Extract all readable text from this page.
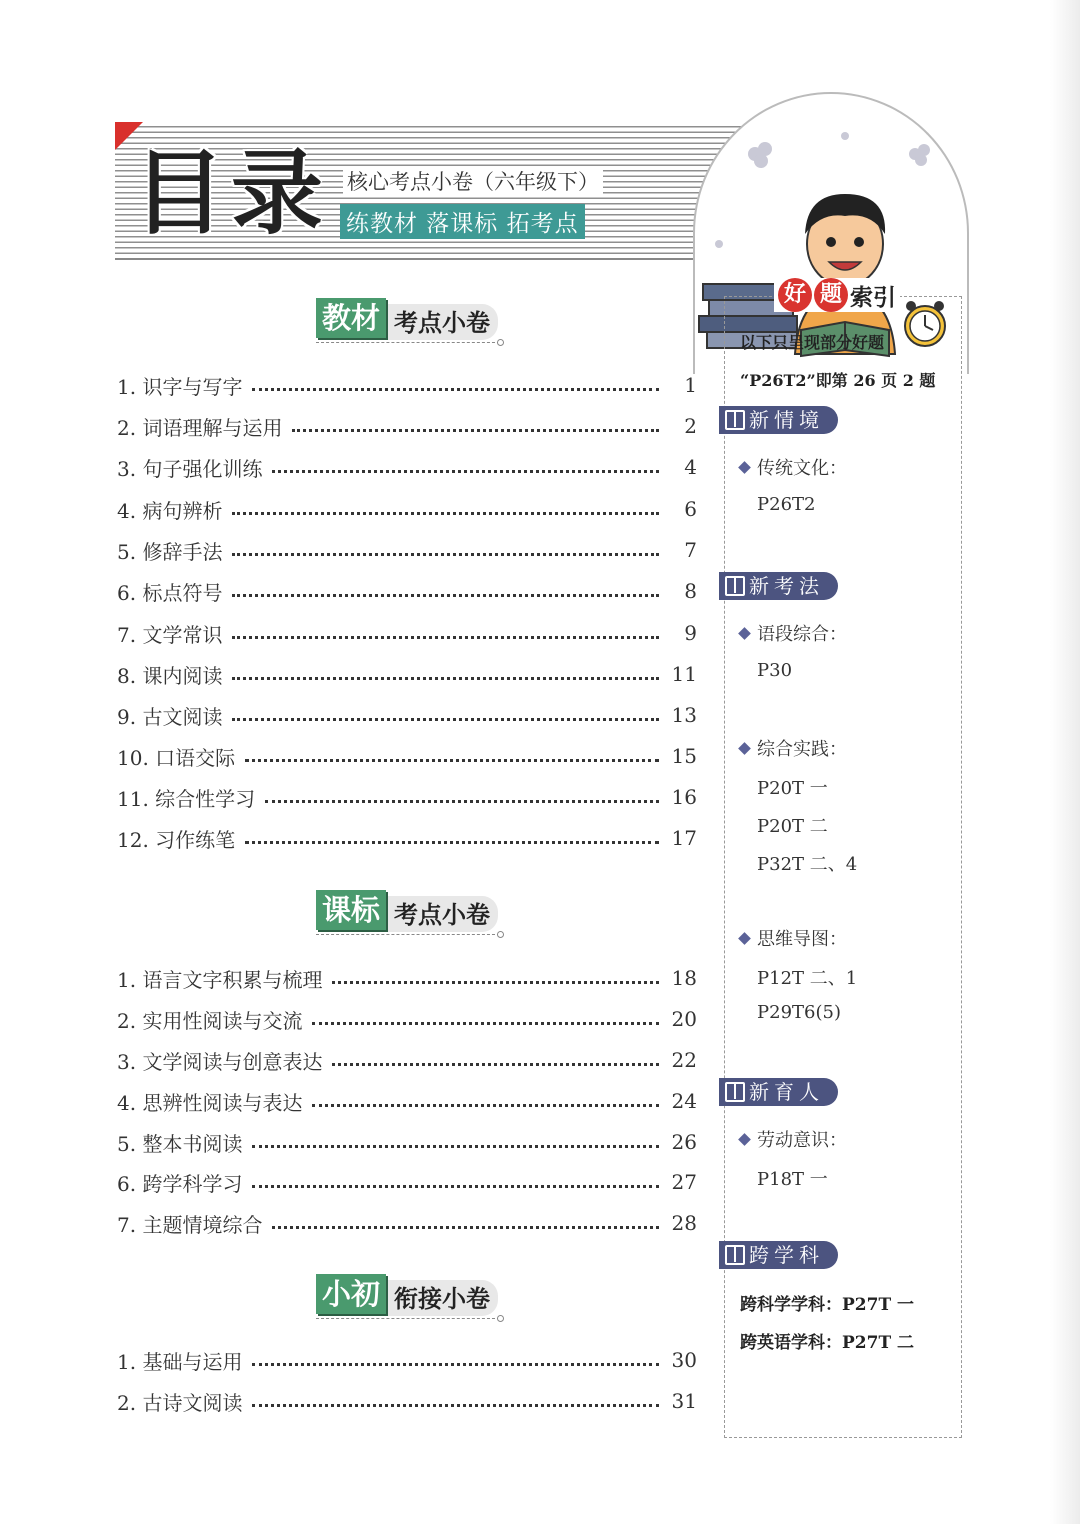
目录 核心考点小卷（六年级下）
练教材 落课标 拓考点
考点小卷
教材
1. 识字与写字	1
2. 词语理解与运用	2
3. 句子强化训练	4
4. 病句辨析	6
5. 修辞手法	7
6. 标点符号	8
7. 文学常识	9
8. 课内阅读	11
9. 古文阅读	13
10. 口语交际	15
11. 综合性学习	16
12. 习作练笔	17
考点小卷
课标
1. 语言文字积累与梳理	18
2. 实用性阅读与交流	20
3. 文学阅读与创意表达	22
4. 思辨性阅读与表达	24
5. 整本书阅读	26
6. 跨学科学习	27
7. 主题情境综合	28
衔接小卷
小初
1. 基础与运用	30
2. 古诗文阅读	31
好 题 索引
以下只呈现部分好题
“P26T2”即第 26 页 2 题
新情境
传统文化：
P26T2
新考法
语段综合：
P30
综合实践：
P20T 一
P20T 二
P32T 二、4
思维导图：
P12T 二、1
P29T6(5)
新育人
劳动意识：
P18T 一
跨学科
跨科学学科：P27T 一
跨英语学科：P27T 二
